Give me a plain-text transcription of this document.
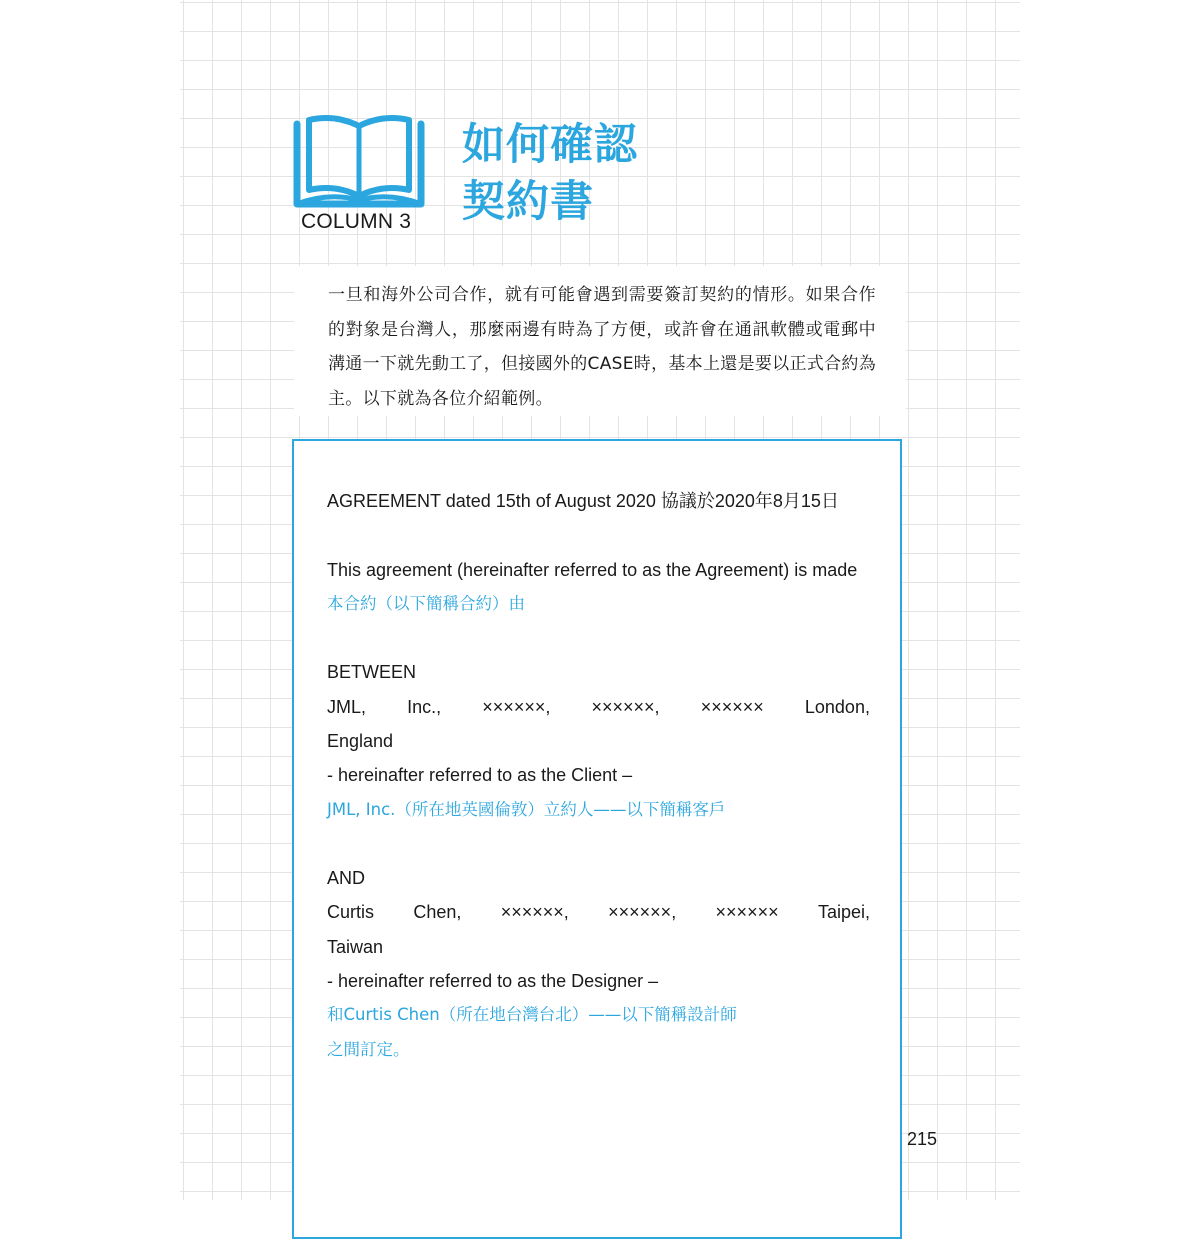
COLUMN 3
如何確認
契約書
一旦和海外公司合作，就有可能會遇到需要簽訂契約的情形。如果合作的對象是台灣人，那麼兩邊有時為了方便，或許會在通訊軟體或電郵中溝通一下就先動工了，但接國外的CASE時，基本上還是要以正式合約為主。以下就為各位介紹範例。
AGREEMENT dated 15th of August 2020 協議於2020年8月15日
This agreement (hereinafter referred to as the Agreement) is made
本合約（以下簡稱合約）由
BETWEEN
JML, Inc., ××××××, ××××××, ×××××× London,
England
- hereinafter referred to as the Client –
JML, Inc.（所在地英國倫敦）立約人——以下簡稱客戶
AND
Curtis Chen, ××××××, ××××××, ×××××× Taipei,
Taiwan
- hereinafter referred to as the Designer –
和Curtis Chen（所在地台灣台北）——以下簡稱設計師
之間訂定。
215
